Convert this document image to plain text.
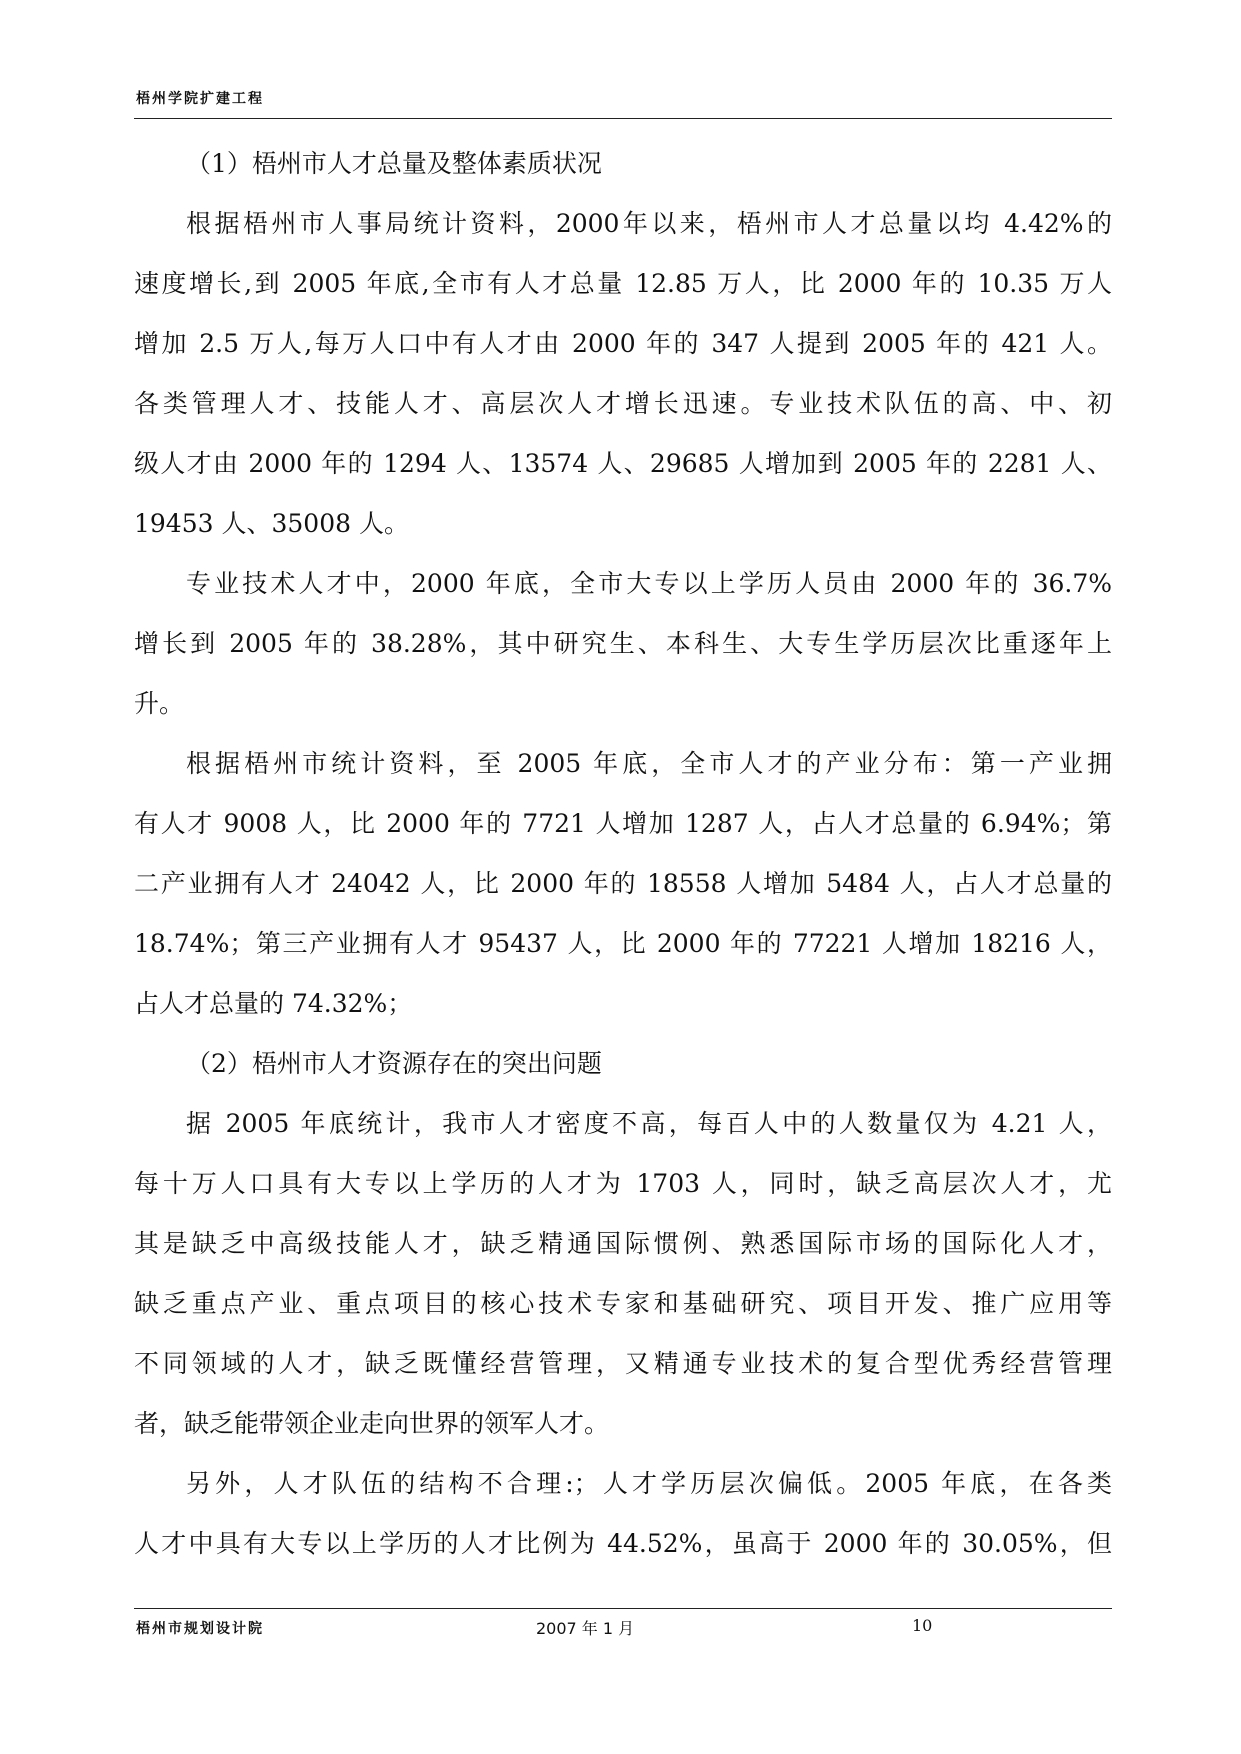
梧州学院扩建工程
（1）梧州市人才总量及整体素质状况
根据梧州市人事局统计资料，2000年以来，梧州市人才总量以均 4.42%的
速度增长,到 2005 年底,全市有人才总量 12.85 万人，比 2000 年的 10.35 万人
增加 2.5 万人,每万人口中有人才由 2000 年的 347 人提到 2005 年的 421 人。
各类管理人才、技能人才、高层次人才增长迅速。专业技术队伍的高、中、初
级人才由 2000 年的 1294 人、13574 人、29685 人增加到 2005 年的 2281 人、
19453 人、35008 人。
专业技术人才中，2000 年底，全市大专以上学历人员由 2000 年的 36.7%
增长到 2005 年的 38.28%，其中研究生、本科生、大专生学历层次比重逐年上
升。
根据梧州市统计资料，至 2005 年底，全市人才的产业分布：第一产业拥
有人才 9008 人，比 2000 年的 7721 人增加 1287 人，占人才总量的 6.94%；第
二产业拥有人才 24042 人，比 2000 年的 18558 人增加 5484 人，占人才总量的
18.74%；第三产业拥有人才 95437 人，比 2000 年的 77221 人增加 18216 人，
占人才总量的 74.32%；
（2）梧州市人才资源存在的突出问题
据 2005 年底统计，我市人才密度不高，每百人中的人数量仅为 4.21 人，
每十万人口具有大专以上学历的人才为 1703 人，同时，缺乏高层次人才，尤
其是缺乏中高级技能人才，缺乏精通国际惯例、熟悉国际市场的国际化人才，
缺乏重点产业、重点项目的核心技术专家和基础研究、项目开发、推广应用等
不同领域的人才，缺乏既懂经营管理，又精通专业技术的复合型优秀经营管理
者，缺乏能带领企业走向世界的领军人才。
另外，人才队伍的结构不合理:；人才学历层次偏低。2005 年底，在各类
人才中具有大专以上学历的人才比例为 44.52%，虽高于 2000 年的 30.05%，但
梧州市规划设计院	2007 年 1 月	10
